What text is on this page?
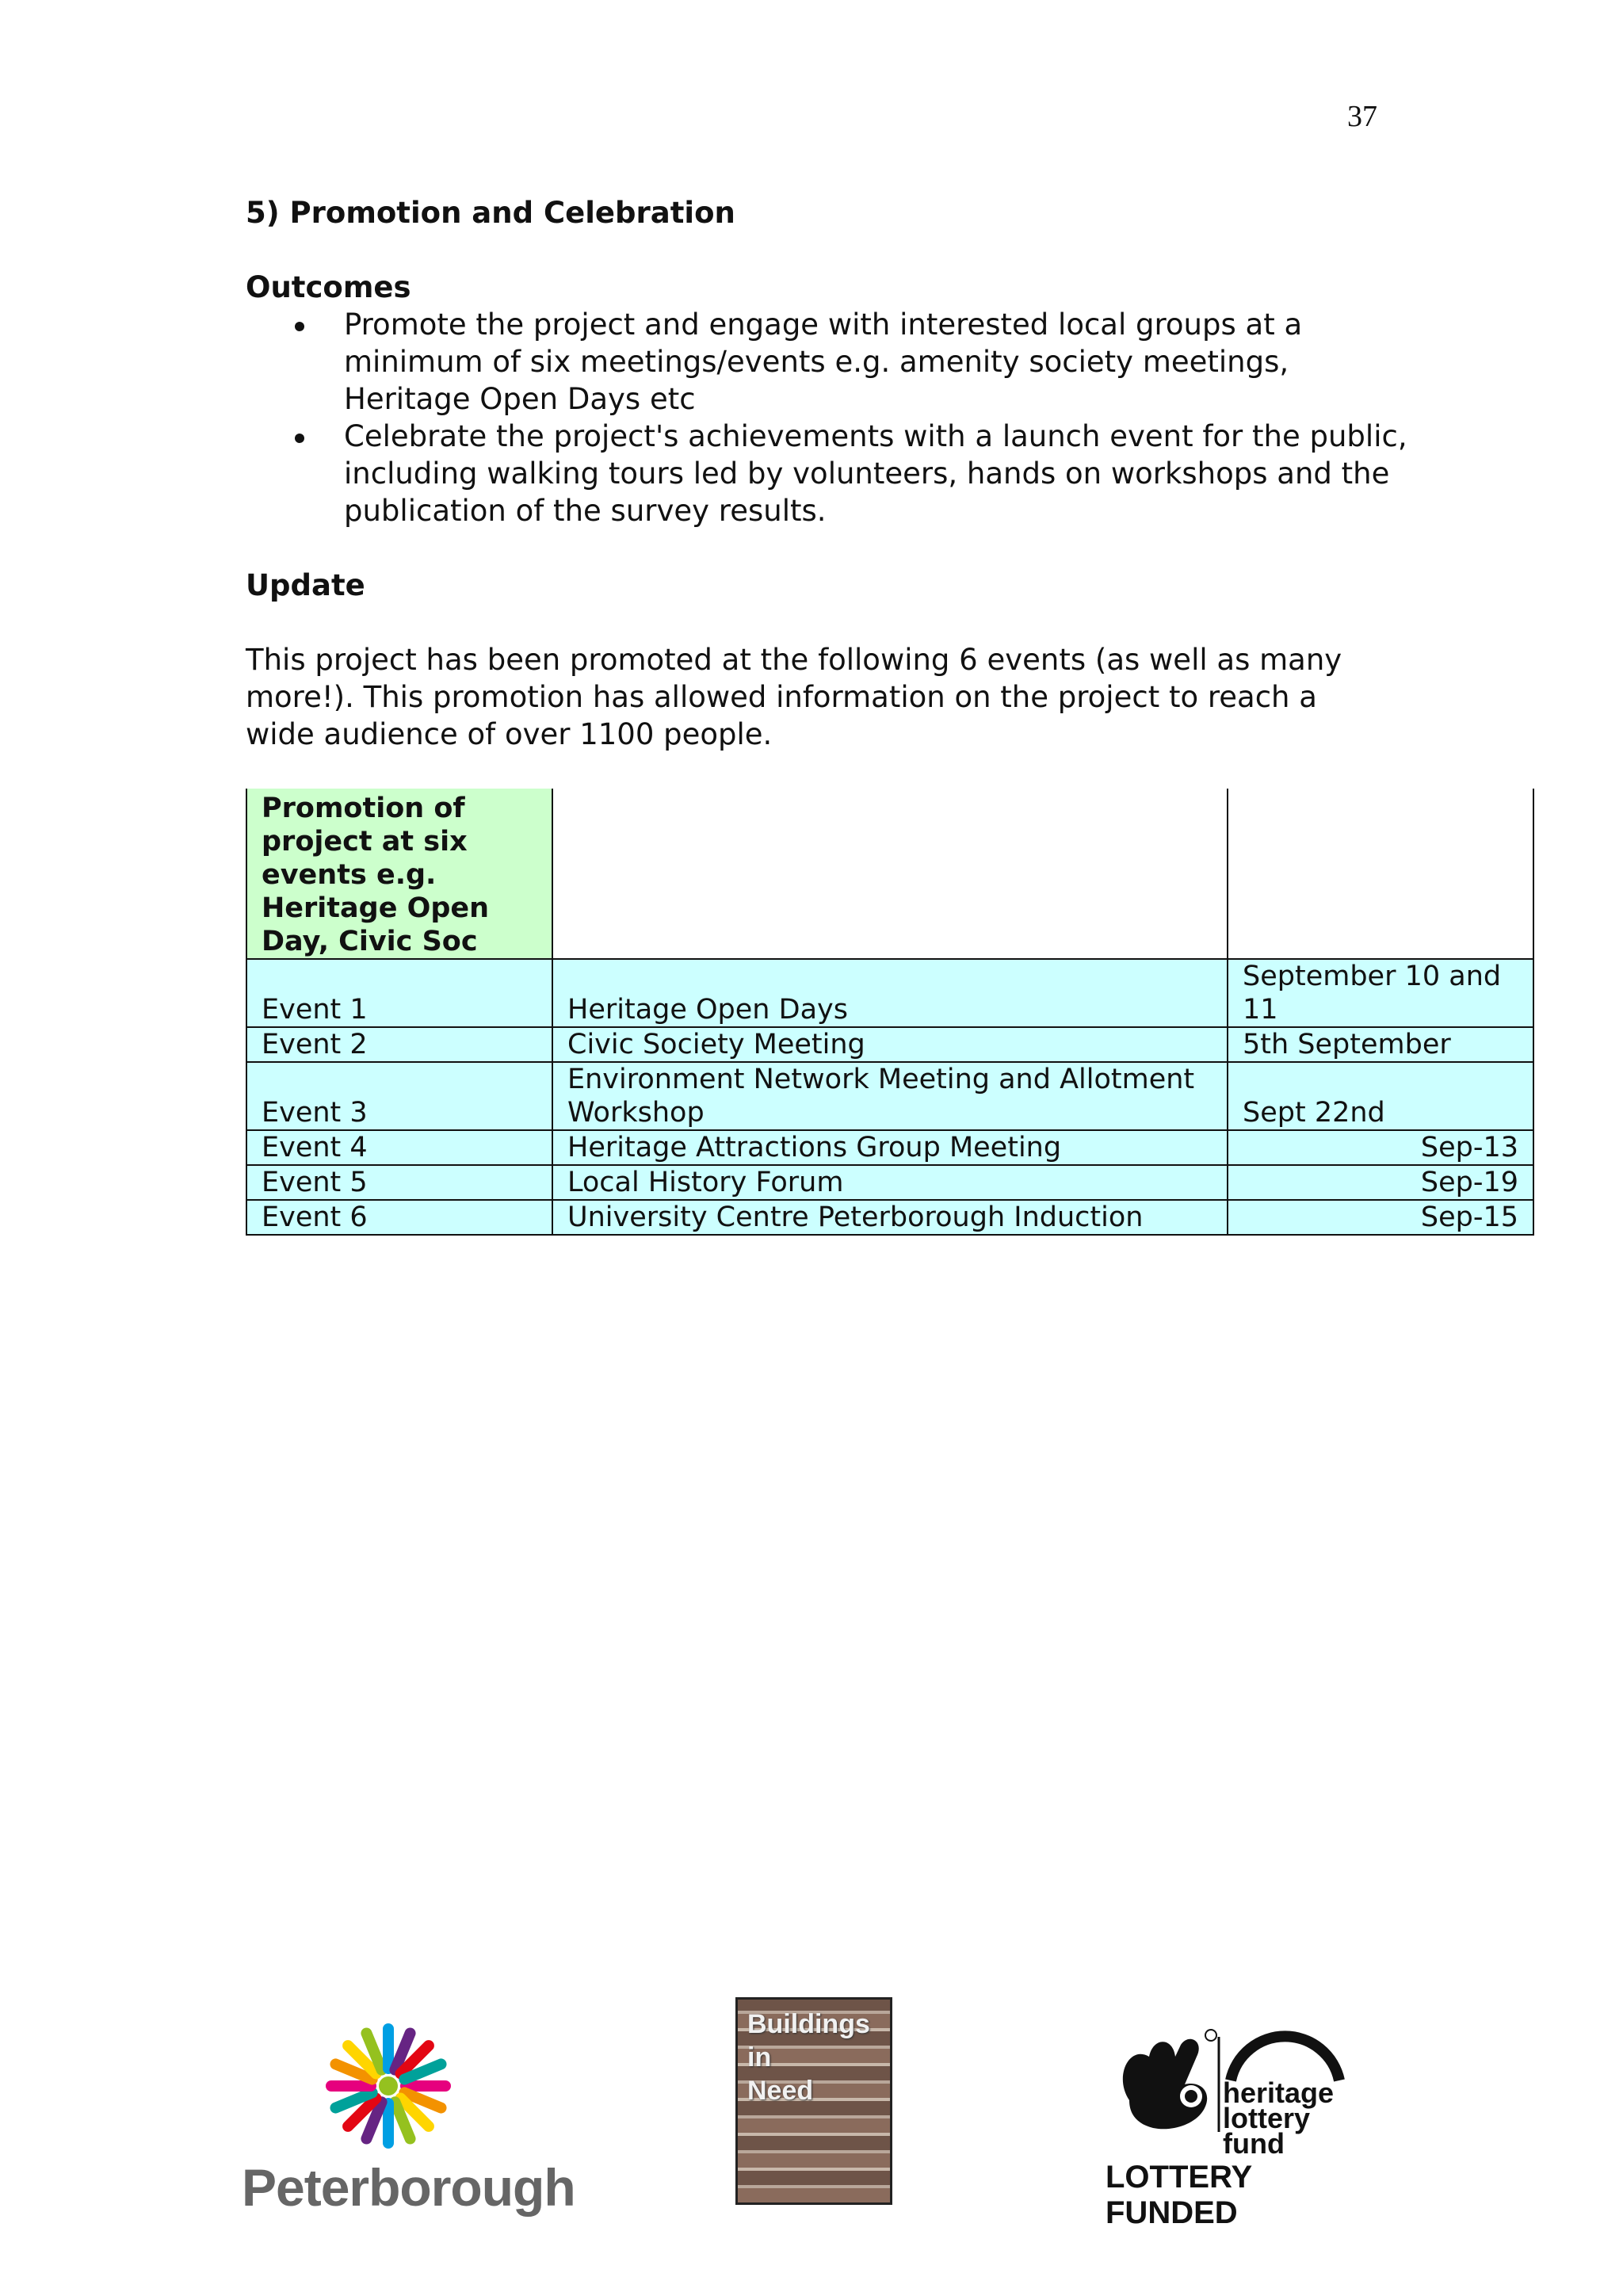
37

5) Promotion and Celebration

Outcomes

Promote the project and engage with interested local groups at a minimum of six meetings/events e.g. amenity society meetings, Heritage Open Days etc
Celebrate the project's achievements with a launch event for the public, including walking tours led by volunteers, hands on workshops and the publication of the survey results.

Update

This project has been promoted at the following 6 events (as well as many more!). This promotion has allowed information on the project to reach a wide audience of over 1100 people.

Promotion of project at six events e.g. Heritage Open Day, Civic Soc		
Event 1	Heritage Open Days	September 10 and 11
Event 2	Civic Society Meeting	5th September
Event 3	Environment Network Meeting and Allotment Workshop	Sept 22nd
Event 4	Heritage Attractions Group Meeting	Sep-13
Event 5	Local History Forum	Sep-19
Event 6	University Centre Peterborough Induction	Sep-15
Peterborough
Buildings
in
Need	heritage
lottery fund
LOTTERY FUNDED
